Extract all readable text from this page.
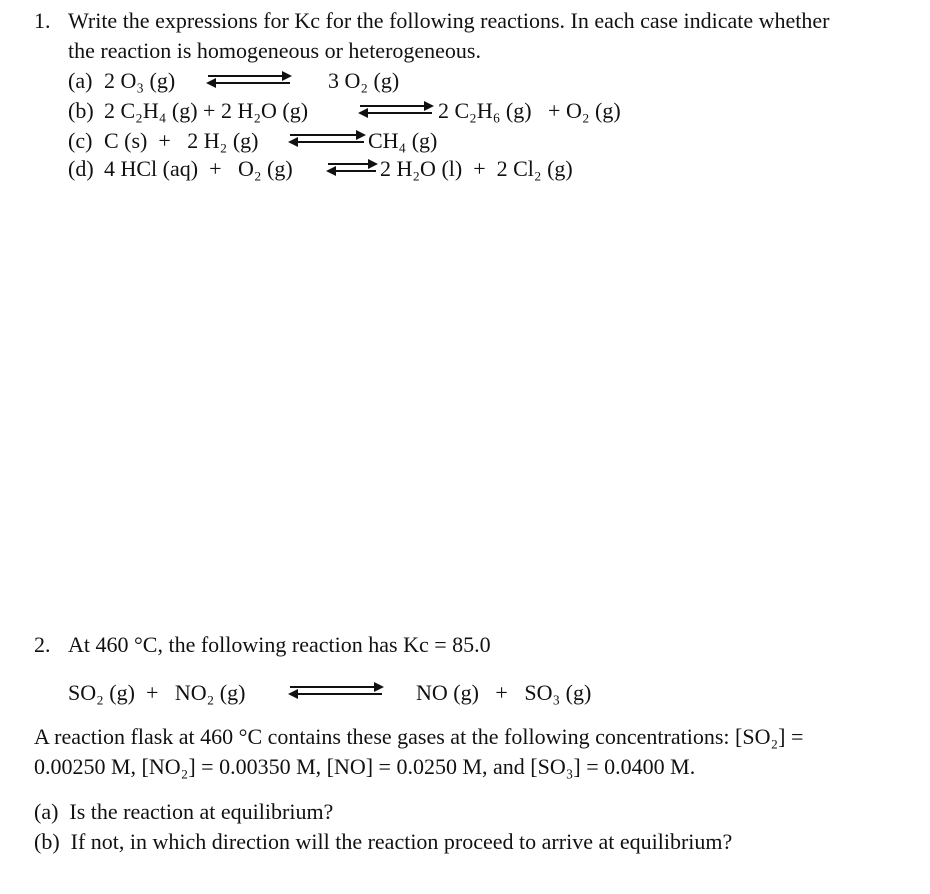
1. Write the expressions for Kc for the following reactions. In each case indicate whether
the reaction is homogeneous or heterogeneous.
(a) 2 O₃ (g) ⇌ 3 O₂ (g)
(b) 2 C₂H₄ (g) + 2 H₂O (g) ⇌ 2 C₂H₆ (g)   + O₂ (g)
(c) C (s)  +   2 H₂ (g) ⇌ CH₄ (g)
(d) 4 HCl (aq)  +   O₂ (g) ⇌ 2 H₂O (l)  +  2 Cl₂ (g)
2. At 460 °C, the following reaction has Kc = 85.0
SO₂ (g)  +   NO₂ (g)	NO (g)   +   SO₃ (g)
A reaction flask at 460 °C contains these gases at the following concentrations: [SO₂] =
0.00250 M, [NO₂] = 0.00350 M, [NO] = 0.0250 M, and [SO₃] = 0.0400 M.
(a)  Is the reaction at equilibrium?
(b)  If not, in which direction will the reaction proceed to arrive at equilibrium?
